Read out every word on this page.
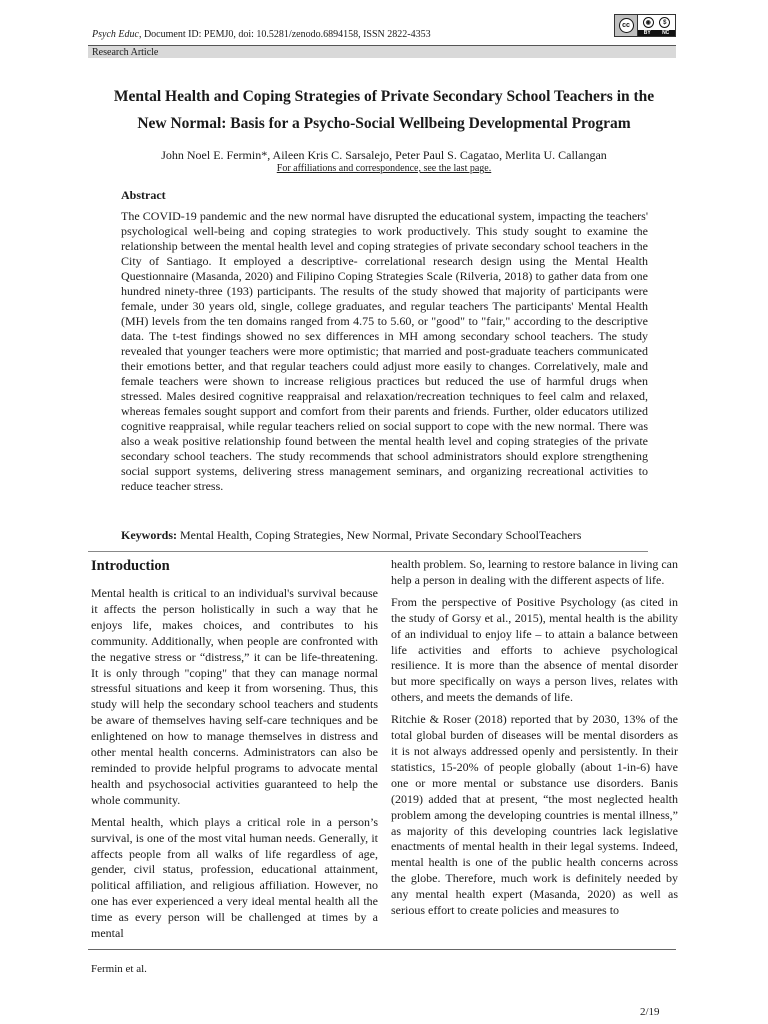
Psych Educ, Document ID: PEMJ0, doi: 10.5281/zenodo.6894158, ISSN 2822-4353
cc	◉	$
BY NC
Research Article
Mental Health and Coping Strategies of Private Secondary School Teachers in the
New Normal: Basis for a Psycho-Social Wellbeing Developmental Program
John Noel E. Fermin*, Aileen Kris C. Sarsalejo, Peter Paul S. Cagatao, Merlita U. Callangan
For affiliations and correspondence, see the last page.
Abstract
The COVID-19 pandemic and the new normal have disrupted the educational system, impacting the teachers' psychological well-being and coping strategies to work productively. This study sought to examine the relationship between the mental health level and coping strategies of private secondary school teachers in the City of Santiago. It employed a descriptive- correlational research design using the Mental Health Questionnaire (Masanda, 2020) and Filipino Coping Strategies Scale (Rilveria, 2018) to gather data from one hundred ninety-three (193) participants. The results of the study showed that majority of participants were female, under 30 years old, single, college graduates, and regular teachers The participants' Mental Health (MH) levels from the ten domains ranged from 4.75 to 5.60, or "good" to "fair," according to the descriptive data. The t-test findings showed no sex differences in MH among secondary school teachers. The study revealed that younger teachers were more optimistic; that married and post-graduate teachers communicated their emotions better, and that regular teachers could adjust more easily to changes. Correlatively, male and female teachers were shown to increase religious practices but reduced the use of harmful drugs when stressed. Males desired cognitive reappraisal and relaxation/recreation techniques to feel calm and relaxed, whereas females sought support and comfort from their parents and friends. Further, older educators utilized cognitive reappraisal, while regular teachers relied on social support to cope with the new normal. There was also a weak positive relationship found between the mental health level and coping strategies of the private secondary school teachers. The study recommends that school administrators should explore strengthening social support systems, delivering stress management seminars, and organizing recreational activities to reduce teacher stress.
Keywords: Mental Health, Coping Strategies, New Normal, Private Secondary SchoolTeachers
Introduction

Mental health is critical to an individual's survival because it affects the person holistically in such a way that he enjoys life, makes choices, and contributes to his community. Additionally, when people are confronted with the negative stress or “distress,” it can be life-threatening. It is only through "coping" that they can manage normal stressful situations and keep it from worsening. Thus, this study will help the secondary school teachers and students be aware of themselves having self-care techniques and be enlightened on how to manage themselves in distress and other mental health concerns. Administrators can also be reminded to provide helpful programs to advocate mental health and psychosocial activities guaranteed to help the whole community.

Mental health, which plays a critical role in a person’s survival, is one of the most vital human needs. Generally, it affects people from all walks of life regardless of age, gender, civil status, profession, educational attainment, political affiliation, and religious affiliation. However, no one has ever experienced a very ideal mental health all the time as every person will be challenged at times by a mental

health problem. So, learning to restore balance in living can help a person in dealing with the different aspects of life.

From the perspective of Positive Psychology (as cited in the study of Gorsy et al., 2015), mental health is the ability of an individual to enjoy life – to attain a balance between life activities and efforts to achieve psychological resilience. It is more than the absence of mental disorder but more specifically on ways a person lives, relates with others, and meets the demands of life.

Ritchie & Roser (2018) reported that by 2030, 13% of the total global burden of diseases will be mental disorders as it is not always addressed openly and persistently. In their statistics, 15-20% of people globally (about 1-in-6) have one or more mental or substance use disorders. Banis (2019) added that at present, “the most neglected health problem among the developing countries is mental illness,” as majority of this developing countries lack legislative enactments of mental health in their legal systems. Indeed, mental health is one of the public health concerns across the globe. Therefore, much work is definitely needed by any mental health expert (Masanda, 2020) as well as serious effort to create policies and measures to

Fermin et al.
2/19
